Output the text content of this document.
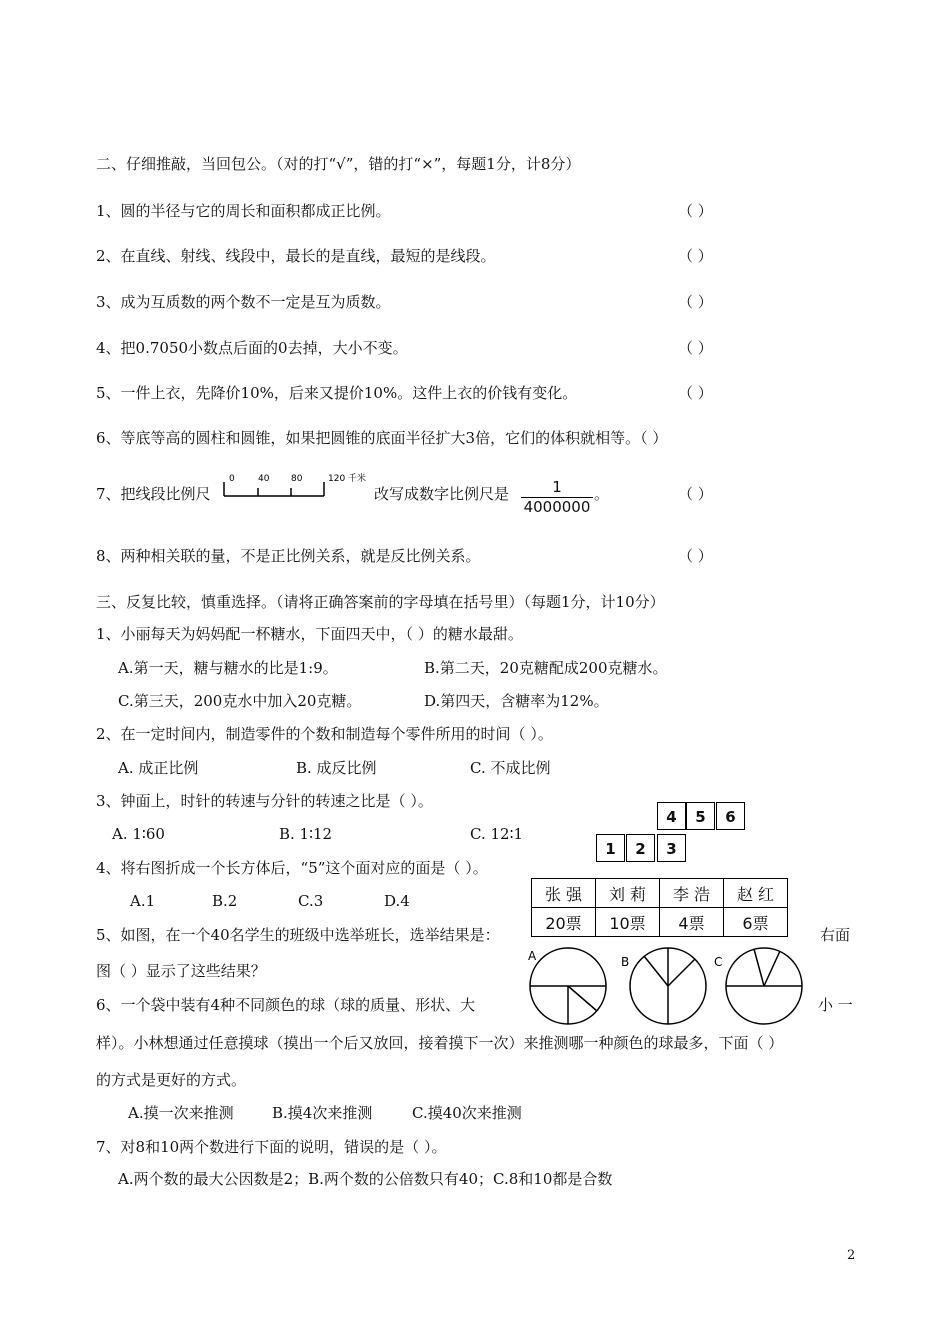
二、仔细推敲，当回包公。（对的打“√”，错的打“×”，每题1分，计8分）
1、圆的半径与它的周长和面积都成正比例。	（ ）
2、在直线、射线、线段中，最长的是直线，最短的是线段。	（ ）
3、成为互质数的两个数不一定是互为质数。	（ ）
4、把0.7050小数点后面的0去掉，大小不变。	（ ）
5、一件上衣，先降价10%，后来又提价10%。这件上衣的价钱有变化。	（ ）
6、等底等高的圆柱和圆锥，如果把圆锥的底面半径扩大3倍，它们的体积就相等。（ ）
7、把线段比例尺
0	40 80	120 千米
改写成数字比例尺是	1
4000000
。	（ ）
8、两种相关联的量，不是正比例关系，就是反比例关系。	（ ）
三、反复比较，慎重选择。（请将正确答案前的字母填在括号里）（每题1分，计10分）
1、小丽每天为妈妈配一杯糖水，下面四天中，（ ）的糖水最甜。
A.第一天，糖与糖水的比是1:9。	B.第二天，20克糖配成200克糖水。
C.第三天，200克水中加入20克糖。	D.第四天，含糖率为12%。
2、在一定时间内，制造零件的个数和制造每个零件所用的时间（ ）。
A. 成正比例	B. 成反比例	C. 不成比例
3、钟面上，时针的转速与分针的转速之比是（ ）。
A. 1∶60	B. 1∶12	C. 12∶1
4	5	6
1	2	3
4、将右图折成一个长方体后，“5”这个面对应的面是（ ）。
A.1	B.2	C.3	D.4	张 强	刘 莉	李 浩	赵 红
20票	10票	4票	6票
5、如图，在一个40名学生的班级中选举班长，选举结果是：	右面
图（ ）显示了这些结果？
A	B	C
6、一个袋中装有4种不同颜色的球（球的质量、形状、大	小 一
样）。小林想通过任意摸球（摸出一个后又放回，接着摸下一次）来推测哪一种颜色的球最多，下面（ ）
的方式是更好的方式。
A.摸一次来推测	B.摸4次来推测	C.摸40次来推测
7、对8和10两个数进行下面的说明，错误的是（ ）。
A.两个数的最大公因数是2；B.两个数的公倍数只有40；C.8和10都是合数
2
